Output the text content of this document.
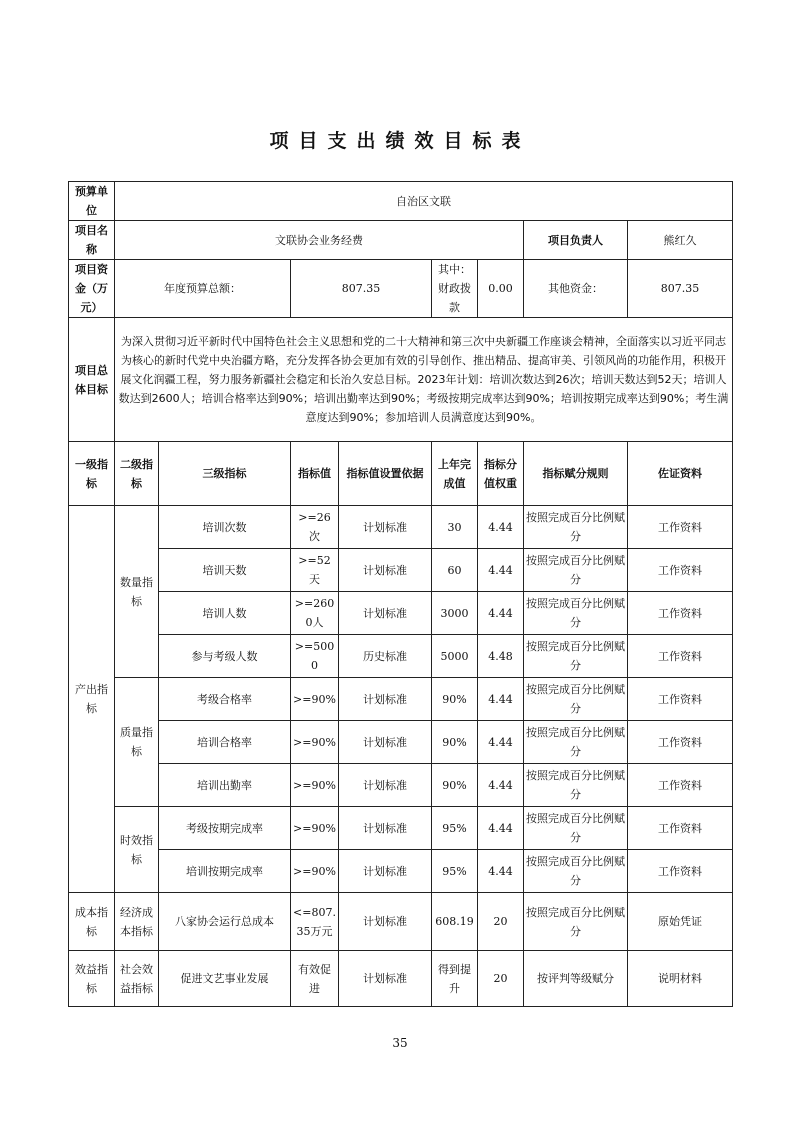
项目支出绩效目标表
预算单位	自治区文联							
项目名称	文联协会业务经费						项目负责人	熊红久
项目资金（万元）	年度预算总额：		807.35		其中：财政拨款	0.00	其他资金：	807.35
项目总体目标	为深入贯彻习近平新时代中国特色社会主义思想和党的二十大精神和第三次中央新疆工作座谈会精神，全面落实以习近平同志为核心的新时代党中央治疆方略，充分发挥各协会更加有效的引导创作、推出精品、提高审美、引领风尚的功能作用，积极开展文化润疆工程，努力服务新疆社会稳定和长治久安总目标。2023年计划：培训次数达到26次；培训天数达到52天；培训人数达到2600人；培训合格率达到90%；培训出勤率达到90%；考级按期完成率达到90%；培训按期完成率达到90%；考生满意度达到90%；参加培训人员满意度达到90%。							
一级指标	二级指标	三级指标	指标值	指标值设置依据	上年完成值	指标分值权重	指标赋分规则	佐证资料
产出指标	数量指标	培训次数	>=26次	计划标准	30	4.44	按照完成百分比例赋分	工作资料
		培训天数	>=52天	计划标准	60	4.44	按照完成百分比例赋分	工作资料
		培训人数	>=2600人	计划标准	3000	4.44	按照完成百分比例赋分	工作资料
		参与考级人数	>=5000	历史标准	5000	4.48	按照完成百分比例赋分	工作资料
	质量指标	考级合格率	>=90%	计划标准	90%	4.44	按照完成百分比例赋分	工作资料
		培训合格率	>=90%	计划标准	90%	4.44	按照完成百分比例赋分	工作资料
		培训出勤率	>=90%	计划标准	90%	4.44	按照完成百分比例赋分	工作资料
	时效指标	考级按期完成率	>=90%	计划标准	95%	4.44	按照完成百分比例赋分	工作资料
		培训按期完成率	>=90%	计划标准	95%	4.44	按照完成百分比例赋分	工作资料
成本指标	经济成本指标	八家协会运行总成本	<=807.35万元	计划标准	608.19	20	按照完成百分比例赋分	原始凭证
效益指标	社会效益指标	促进文艺事业发展	有效促进	计划标准	得到提升	20	按评判等级赋分	说明材料
35
